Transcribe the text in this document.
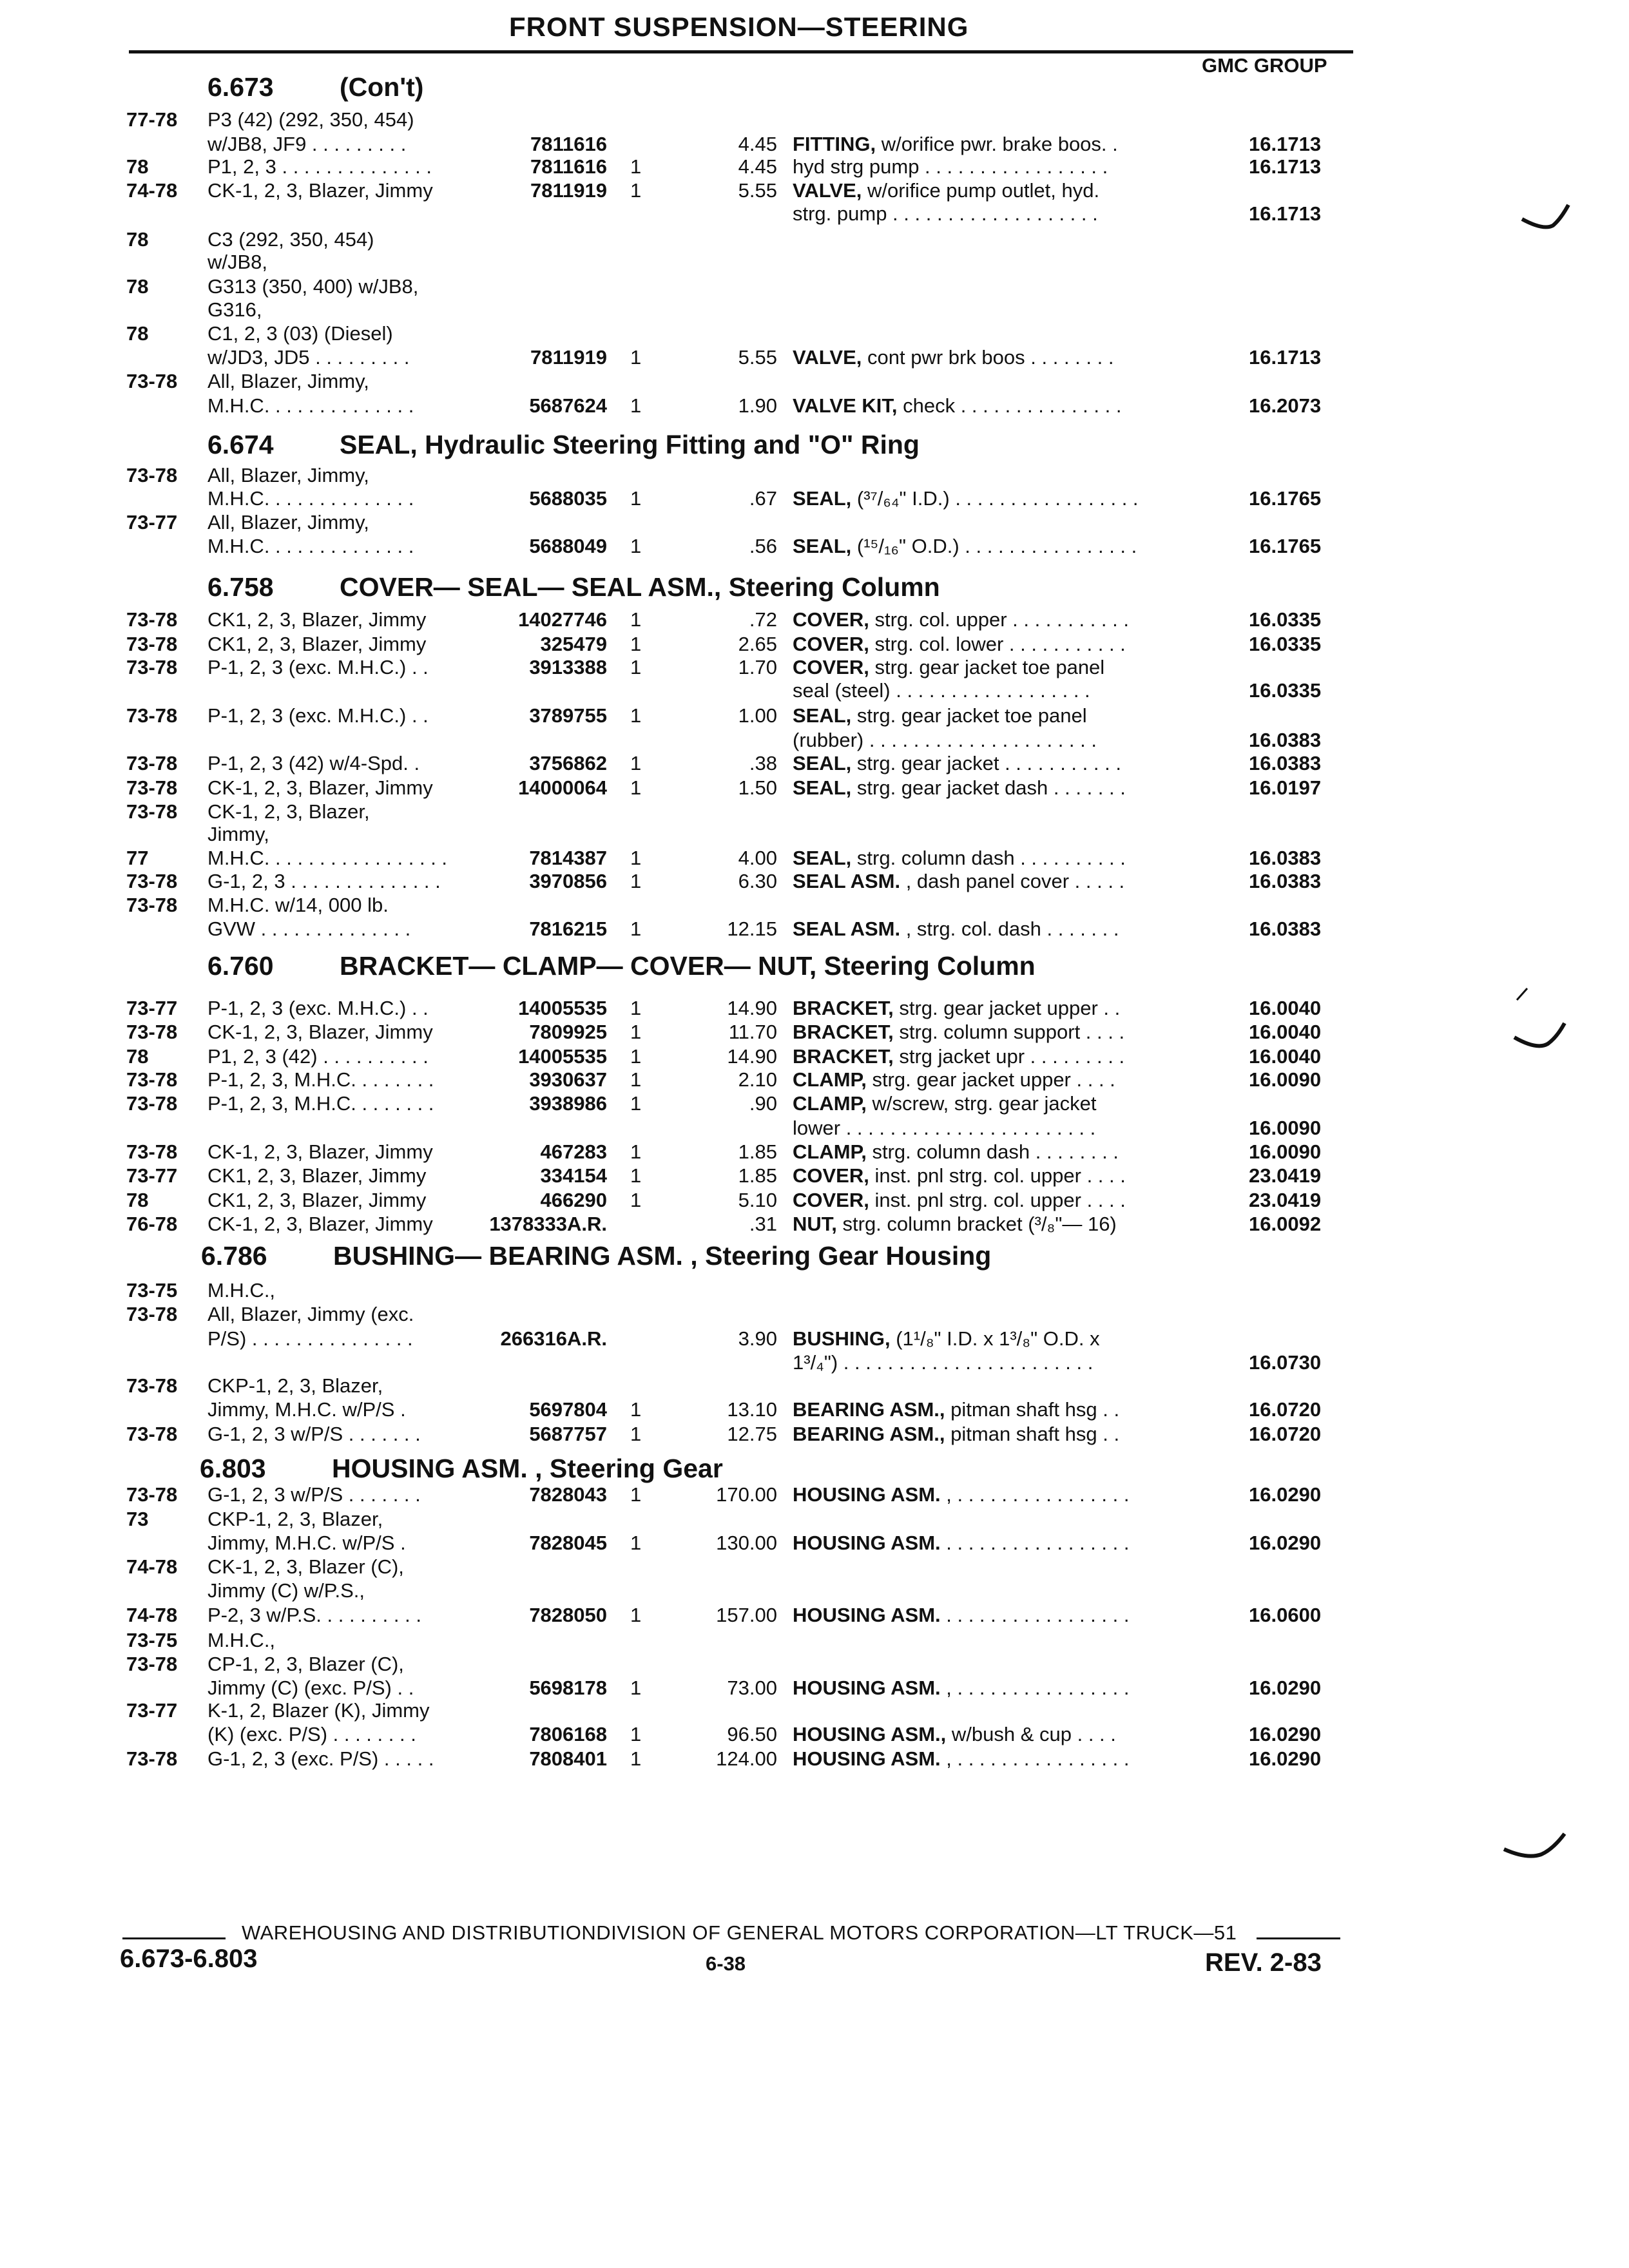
FRONT SUSPENSION—STEERING
GMC GROUP
6.673 (Con't)
6.674 SEAL, Hydraulic Steering Fitting and "O" Ring
6.758 COVER— SEAL— SEAL ASM., Steering Column
6.760 BRACKET— CLAMP— COVER— NUT, Steering Column
6.786 BUSHING— BEARING ASM. , Steering Gear Housing
6.803 HOUSING ASM. , Steering Gear
77-78 P3 (42) (292, 350, 454)
w/JB8, JF9 . . . . . . . . .	7811616	4.45 FITTING, w/orifice pwr. brake boos. .	16.1713
78	P1, 2, 3 . . . . . . . . . . . . . .	7811616 1	4.45 hyd strg pump . . . . . . . . . . . . . . . . .	16.1713
74-78 CK-1, 2, 3, Blazer, Jimmy	7811919 1	5.55 VALVE, w/orifice pump outlet, hyd.
strg. pump . . . . . . . . . . . . . . . . . . .	16.1713
78	C3 (292, 350, 454)
w/JB8,
78	G313 (350, 400) w/JB8,
G316,
78	C1, 2, 3 (03) (Diesel)
w/JD3, JD5 . . . . . . . . .	7811919 1	5.55 VALVE, cont pwr brk boos . . . . . . . .	16.1713
73-78 All, Blazer, Jimmy,
M.H.C. . . . . . . . . . . . . .	5687624 1	1.90 VALVE KIT, check . . . . . . . . . . . . . . .	16.2073
73-78 All, Blazer, Jimmy,
M.H.C. . . . . . . . . . . . . .	5688035 1	.67 SEAL, (³⁷/₆₄" I.D.) . . . . . . . . . . . . . . . . .	16.1765
73-77 All, Blazer, Jimmy,
M.H.C. . . . . . . . . . . . . .	5688049 1	.56 SEAL, (¹⁵/₁₆" O.D.) . . . . . . . . . . . . . . . .	16.1765
73-78 CK1, 2, 3, Blazer, Jimmy	14027746 1	.72 COVER, strg. col. upper . . . . . . . . . . .	16.0335
73-78 CK1, 2, 3, Blazer, Jimmy	325479 1	2.65 COVER, strg. col. lower . . . . . . . . . . .	16.0335
73-78 P-1, 2, 3 (exc. M.H.C.) . .	3913388 1	1.70 COVER, strg. gear jacket toe panel
seal (steel) . . . . . . . . . . . . . . . . . .	16.0335
73-78 P-1, 2, 3 (exc. M.H.C.) . .	3789755 1	1.00 SEAL, strg. gear jacket toe panel
(rubber) . . . . . . . . . . . . . . . . . . . . .	16.0383
73-78 P-1, 2, 3 (42) w/4-Spd. .	3756862 1	.38 SEAL, strg. gear jacket . . . . . . . . . . .	16.0383
73-78 CK-1, 2, 3, Blazer, Jimmy	14000064 1	1.50 SEAL, strg. gear jacket dash . . . . . . .	16.0197
73-78 CK-1, 2, 3, Blazer,
Jimmy,
77	M.H.C. . . . . . . . . . . . . . . . .	7814387 1	4.00 SEAL, strg. column dash . . . . . . . . . .	16.0383
73-78 G-1, 2, 3 . . . . . . . . . . . . . .	3970856 1	6.30 SEAL ASM. , dash panel cover . . . . .	16.0383
73-78 M.H.C. w/14, 000 lb.
GVW . . . . . . . . . . . . . .	7816215 1	12.15 SEAL ASM. , strg. col. dash . . . . . . .	16.0383
73-77 P-1, 2, 3 (exc. M.H.C.) . .	14005535 1	14.90 BRACKET, strg. gear jacket upper . .	16.0040
73-78 CK-1, 2, 3, Blazer, Jimmy	7809925 1	11.70 BRACKET, strg. column support . . . .	16.0040
78	P1, 2, 3 (42) . . . . . . . . . .	14005535 1	14.90 BRACKET, strg jacket upr . . . . . . . . .	16.0040
73-78 P-1, 2, 3, M.H.C. . . . . . . .	3930637 1	2.10 CLAMP, strg. gear jacket upper . . . .	16.0090
73-78 P-1, 2, 3, M.H.C. . . . . . . .	3938986 1	.90 CLAMP, w/screw, strg. gear jacket
lower . . . . . . . . . . . . . . . . . . . . . . .	16.0090
73-78 CK-1, 2, 3, Blazer, Jimmy	467283 1	1.85 CLAMP, strg. column dash . . . . . . . .	16.0090
73-77 CK1, 2, 3, Blazer, Jimmy	334154 1	1.85 COVER, inst. pnl strg. col. upper . . . .	23.0419
78	CK1, 2, 3, Blazer, Jimmy	466290 1	5.10 COVER, inst. pnl strg. col. upper . . . .	23.0419
76-78 CK-1, 2, 3, Blazer, Jimmy	1378333A.R.	.31 NUT, strg. column bracket (³/₈"— 16)	16.0092
73-75 M.H.C.,
73-78 All, Blazer, Jimmy (exc.
P/S) . . . . . . . . . . . . . . .	266316A.R.	3.90 BUSHING, (1¹/₈" I.D. x 1³/₈" O.D. x
1³/₄") . . . . . . . . . . . . . . . . . . . . . . .	16.0730
73-78 CKP-1, 2, 3, Blazer,
Jimmy, M.H.C. w/P/S .	5697804 1	13.10 BEARING ASM., pitman shaft hsg . .	16.0720
73-78 G-1, 2, 3 w/P/S . . . . . . .	5687757 1	12.75 BEARING ASM., pitman shaft hsg . .	16.0720
73-78 G-1, 2, 3 w/P/S . . . . . . .	7828043 1	170.00 HOUSING ASM. , . . . . . . . . . . . . . . . .	16.0290
73	CKP-1, 2, 3, Blazer,
Jimmy, M.H.C. w/P/S .	7828045 1	130.00 HOUSING ASM. . . . . . . . . . . . . . . . . .	16.0290
74-78 CK-1, 2, 3, Blazer (C),
Jimmy (C) w/P.S.,
74-78 P-2, 3 w/P.S. . . . . . . . . .	7828050 1	157.00 HOUSING ASM. . . . . . . . . . . . . . . . . .	16.0600
73-75 M.H.C.,
73-78 CP-1, 2, 3, Blazer (C),
Jimmy (C) (exc. P/S) . .	5698178 1	73.00 HOUSING ASM. , . . . . . . . . . . . . . . . .	16.0290
73-77 K-1, 2, Blazer (K), Jimmy
(K) (exc. P/S) . . . . . . . .	7806168 1	96.50 HOUSING ASM., w/bush & cup . . . .	16.0290
73-78 G-1, 2, 3 (exc. P/S) . . . . .	7808401 1	124.00 HOUSING ASM. , . . . . . . . . . . . . . . . .	16.0290
WAREHOUSING AND DISTRIBUTIONDIVISION OF GENERAL MOTORS CORPORATION—LT TRUCK—51
6.673-6.803	6-38	REV. 2-83
